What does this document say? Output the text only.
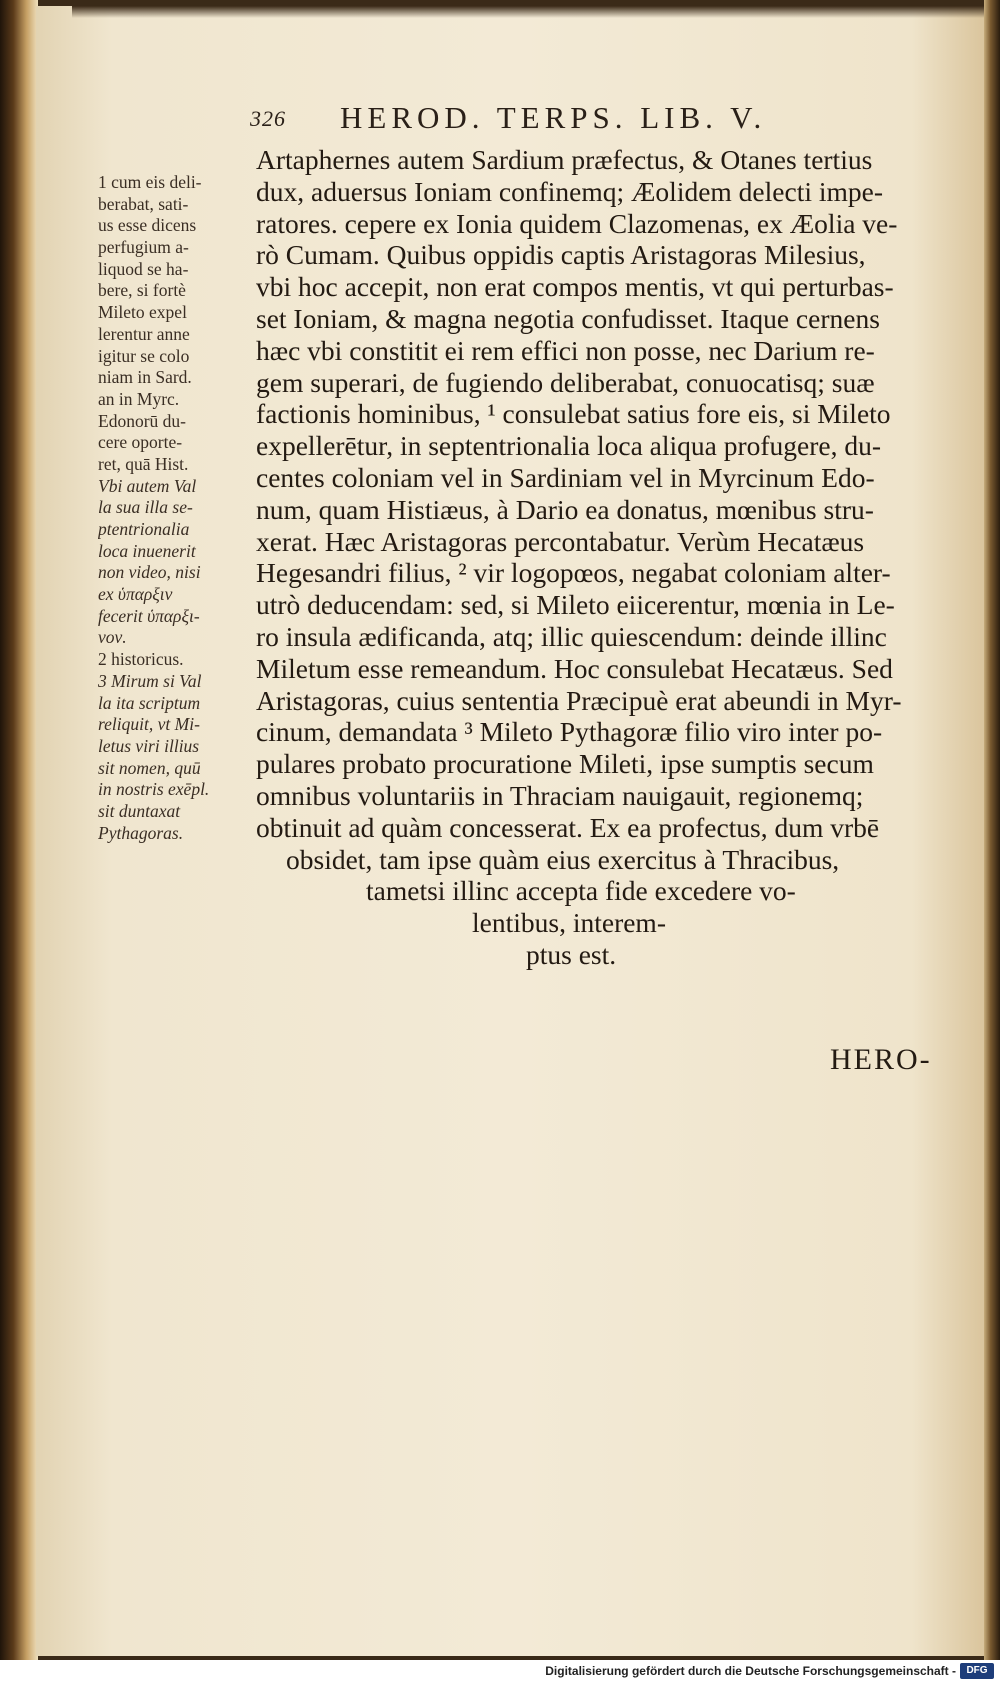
326 HEROD. TERPS. LIB. V.
1 cum eis deli-
berabat, sati-
us esse dicens
perfugium a-
liquod se ha-
bere, si fortè
Mileto expel
lerentur anne
igitur se colo
niam in Sard.
an in Myrc.
Edonorū du-
cere oporte-
ret, quā Hist.
Vbi autem Val
la sua illa se-
ptentrionalia
loca inuenerit
non video, nisi
ex ὑπαρξιν
fecerit ὑπαρξι-
νον.
2 historicus.
3 Mirum si Val
la ita scriptum
reliquit, vt Mi-
letus viri illius
sit nomen, quū
in nostris exēpl.
sit duntaxat
Pythagoras.
Artaphernes autem Sardium præfectus, & Otanes tertius
dux, aduersus Ioniam confinemq; Æolidem delecti impe-
ratores. cepere ex Ionia quidem Clazomenas, ex Æolia ve-
rò Cumam. Quibus oppidis captis Aristagoras Milesius,
vbi hoc accepit, non erat compos mentis, vt qui perturbas-
set Ioniam, & magna negotia confudisset. Itaque cernens
hæc vbi constitit ei rem effici non posse, nec Darium re-
gem superari, de fugiendo deliberabat, conuocatisq; suæ
factionis hominibus, ¹ consulebat satius fore eis, si Mileto
expellerētur, in septentrionalia loca aliqua profugere, du-
centes coloniam vel in Sardiniam vel in Myrcinum Edo-
num, quam Histiæus, à Dario ea donatus, mœnibus stru-
xerat. Hæc Aristagoras percontabatur. Verùm Hecatæus
Hegesandri filius, ² vir logopœos, negabat coloniam alter-
utrò deducendam: sed, si Mileto eiicerentur, mœnia in Le-
ro insula ædificanda, atq; illic quiescendum: deinde illinc
Miletum esse remeandum. Hoc consulebat Hecatæus. Sed
Aristagoras, cuius sententia Præcipuè erat abeundi in Myr-
cinum, demandata ³ Mileto Pythagoræ filio viro inter po-
pulares probato procuratione Mileti, ipse sumptis secum
omnibus voluntariis in Thraciam nauigauit, regionemq;
obtinuit ad quàm concesserat. Ex ea profectus, dum vrbē
obsidet, tam ipse quàm eius exercitus à Thracibus,
tametsi illinc accepta fide excedere vo-
lentibus, interem-
ptus est.
HERO-
Digitalisierung gefördert durch die Deutsche Forschungsgemeinschaft -	DFG
